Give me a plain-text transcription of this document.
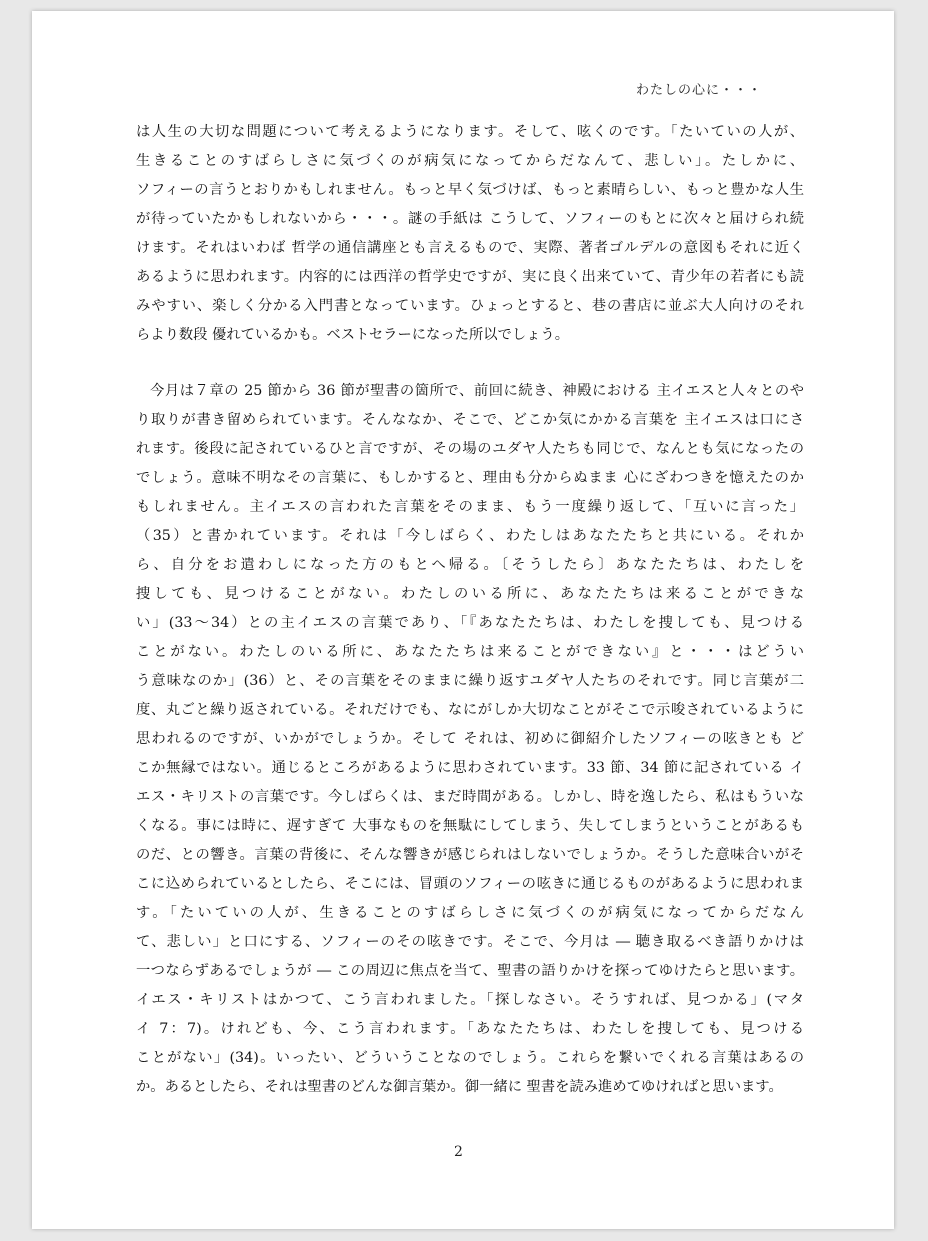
わたしの心に・・・
は人生の大切な問題について考えるようになります。そして、呟くのです。「たいていの人が、
生きることのすばらしさに気づくのが病気になってからだなんて、悲しい」。たしかに、
ソフィーの言うとおりかもしれません。もっと早く気づけば、もっと素晴らしい、もっと豊かな人生
が待っていたかもしれないから・・・。謎の手紙は こうして、ソフィーのもとに次々と届けられ続
けます。それはいわば 哲学の通信講座とも言えるもので、実際、著者ゴルデルの意図もそれに近く
あるように思われます。内容的には西洋の哲学史ですが、実に良く出来ていて、青少年の若者にも読
みやすい、楽しく分かる入門書となっています。ひょっとすると、巷の書店に並ぶ大人向けのそれ
らより数段 優れているかも。ベストセラーになった所以でしょう。
今月は７章の 25 節から 36 節が聖書の箇所で、前回に続き、神殿における 主イエスと人々とのや
り取りが書き留められています。そんななか、そこで、どこか気にかかる言葉を 主イエスは口にさ
れます。後段に記されているひと言ですが、その場のユダヤ人たちも同じで、なんとも気になったの
でしょう。意味不明なその言葉に、もしかすると、理由も分からぬまま 心にざわつきを憶えたのか
もしれません。主イエスの言われた言葉をそのまま、もう一度繰り返して、「互いに言った」
（35）と書かれています。それは「今しばらく、わたしはあなたたちと共にいる。それか
ら、自分をお遣わしになった方のもとへ帰る。〔そうしたら〕あなたたちは、わたしを
捜しても、見つけることがない。わたしのいる所に、あなたたちは来ることができな
い」(33〜34）との主イエスの言葉であり、「『あなたたちは、わたしを捜しても、見つける
ことがない。わたしのいる所に、あなたたちは来ることができない』と・・・はどうい
う意味なのか」(36）と、その言葉をそのままに繰り返すユダヤ人たちのそれです。同じ言葉が二
度、丸ごと繰り返されている。それだけでも、なにがしか大切なことがそこで示唆されているように
思われるのですが、いかがでしょうか。そして それは、初めに御紹介したソフィーの呟きとも ど
こか無縁ではない。通じるところがあるように思わされています。33 節、34 節に記されている イ
エス・キリストの言葉です。今しばらくは、まだ時間がある。しかし、時を逸したら、私はもういな
くなる。事には時に、遅すぎて 大事なものを無駄にしてしまう、失してしまうということがあるも
のだ、との響き。言葉の背後に、そんな響きが感じられはしないでしょうか。そうした意味合いがそ
こに込められているとしたら、そこには、冒頭のソフィーの呟きに通じるものがあるように思われま
す。「たいていの人が、生きることのすばらしさに気づくのが病気になってからだなん
て、悲しい」と口にする、ソフィーのその呟きです。そこで、今月は ― 聴き取るべき語りかけは
一つならずあるでしょうが ― この周辺に焦点を当て、聖書の語りかけを探ってゆけたらと思います。
イエス・キリストはかつて、こう言われました。「探しなさい。そうすれば、見つかる」(マタ
イ 7：7)。けれども、今、こう言われます。「あなたたちは、わたしを捜しても、見つける
ことがない」(34)。いったい、どういうことなのでしょう。これらを繋いでくれる言葉はあるの
か。あるとしたら、それは聖書のどんな御言葉か。御一緒に 聖書を読み進めてゆければと思います。
2
